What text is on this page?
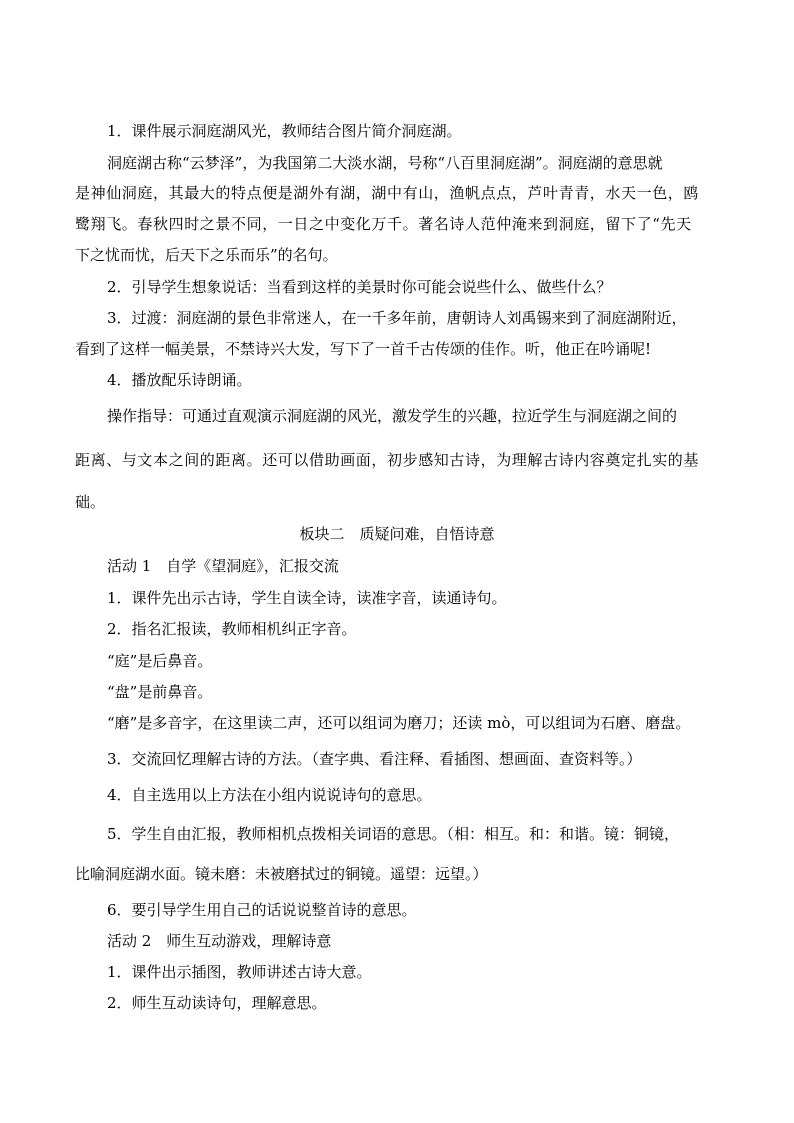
1．课件展示洞庭湖风光，教师结合图片简介洞庭湖。

洞庭湖古称“云梦泽”，为我国第二大淡水湖，号称“八百里洞庭湖”。洞庭湖的意思就

是神仙洞庭，其最大的特点便是湖外有湖，湖中有山，渔帆点点，芦叶青青，水天一色，鸥

鹭翔飞。春秋四时之景不同，一日之中变化万千。著名诗人范仲淹来到洞庭，留下了“先天

下之忧而忧，后天下之乐而乐”的名句。

2．引导学生想象说话：当看到这样的美景时你可能会说些什么、做些什么？

3．过渡：洞庭湖的景色非常迷人，在一千多年前，唐朝诗人刘禹锡来到了洞庭湖附近，

看到了这样一幅美景，不禁诗兴大发，写下了一首千古传颂的佳作。听，他正在吟诵呢!

4．播放配乐诗朗诵。

操作指导：可通过直观演示洞庭湖的风光，激发学生的兴趣，拉近学生与洞庭湖之间的

距离、与文本之间的距离。还可以借助画面，初步感知古诗，为理解古诗内容奠定扎实的基

础。

板块二　质疑问难，自悟诗意

活动 1　自学《望洞庭》，汇报交流

1．课件先出示古诗，学生自读全诗，读准字音，读通诗句。

2．指名汇报读，教师相机纠正字音。

“庭”是后鼻音。

“盘”是前鼻音。

“磨”是多音字，在这里读二声，还可以组词为磨刀；还读 mò，可以组词为石磨、磨盘。

3．交流回忆理解古诗的方法。（查字典、看注释、看插图、想画面、查资料等。）

4．自主选用以上方法在小组内说说诗句的意思。

5．学生自由汇报，教师相机点拨相关词语的意思。（相：相互。和：和谐。镜：铜镜，

比喻洞庭湖水面。镜未磨：未被磨拭过的铜镜。遥望：远望。）

6．要引导学生用自己的话说说整首诗的意思。

活动 2　师生互动游戏，理解诗意

1．课件出示插图，教师讲述古诗大意。

2．师生互动读诗句，理解意思。
